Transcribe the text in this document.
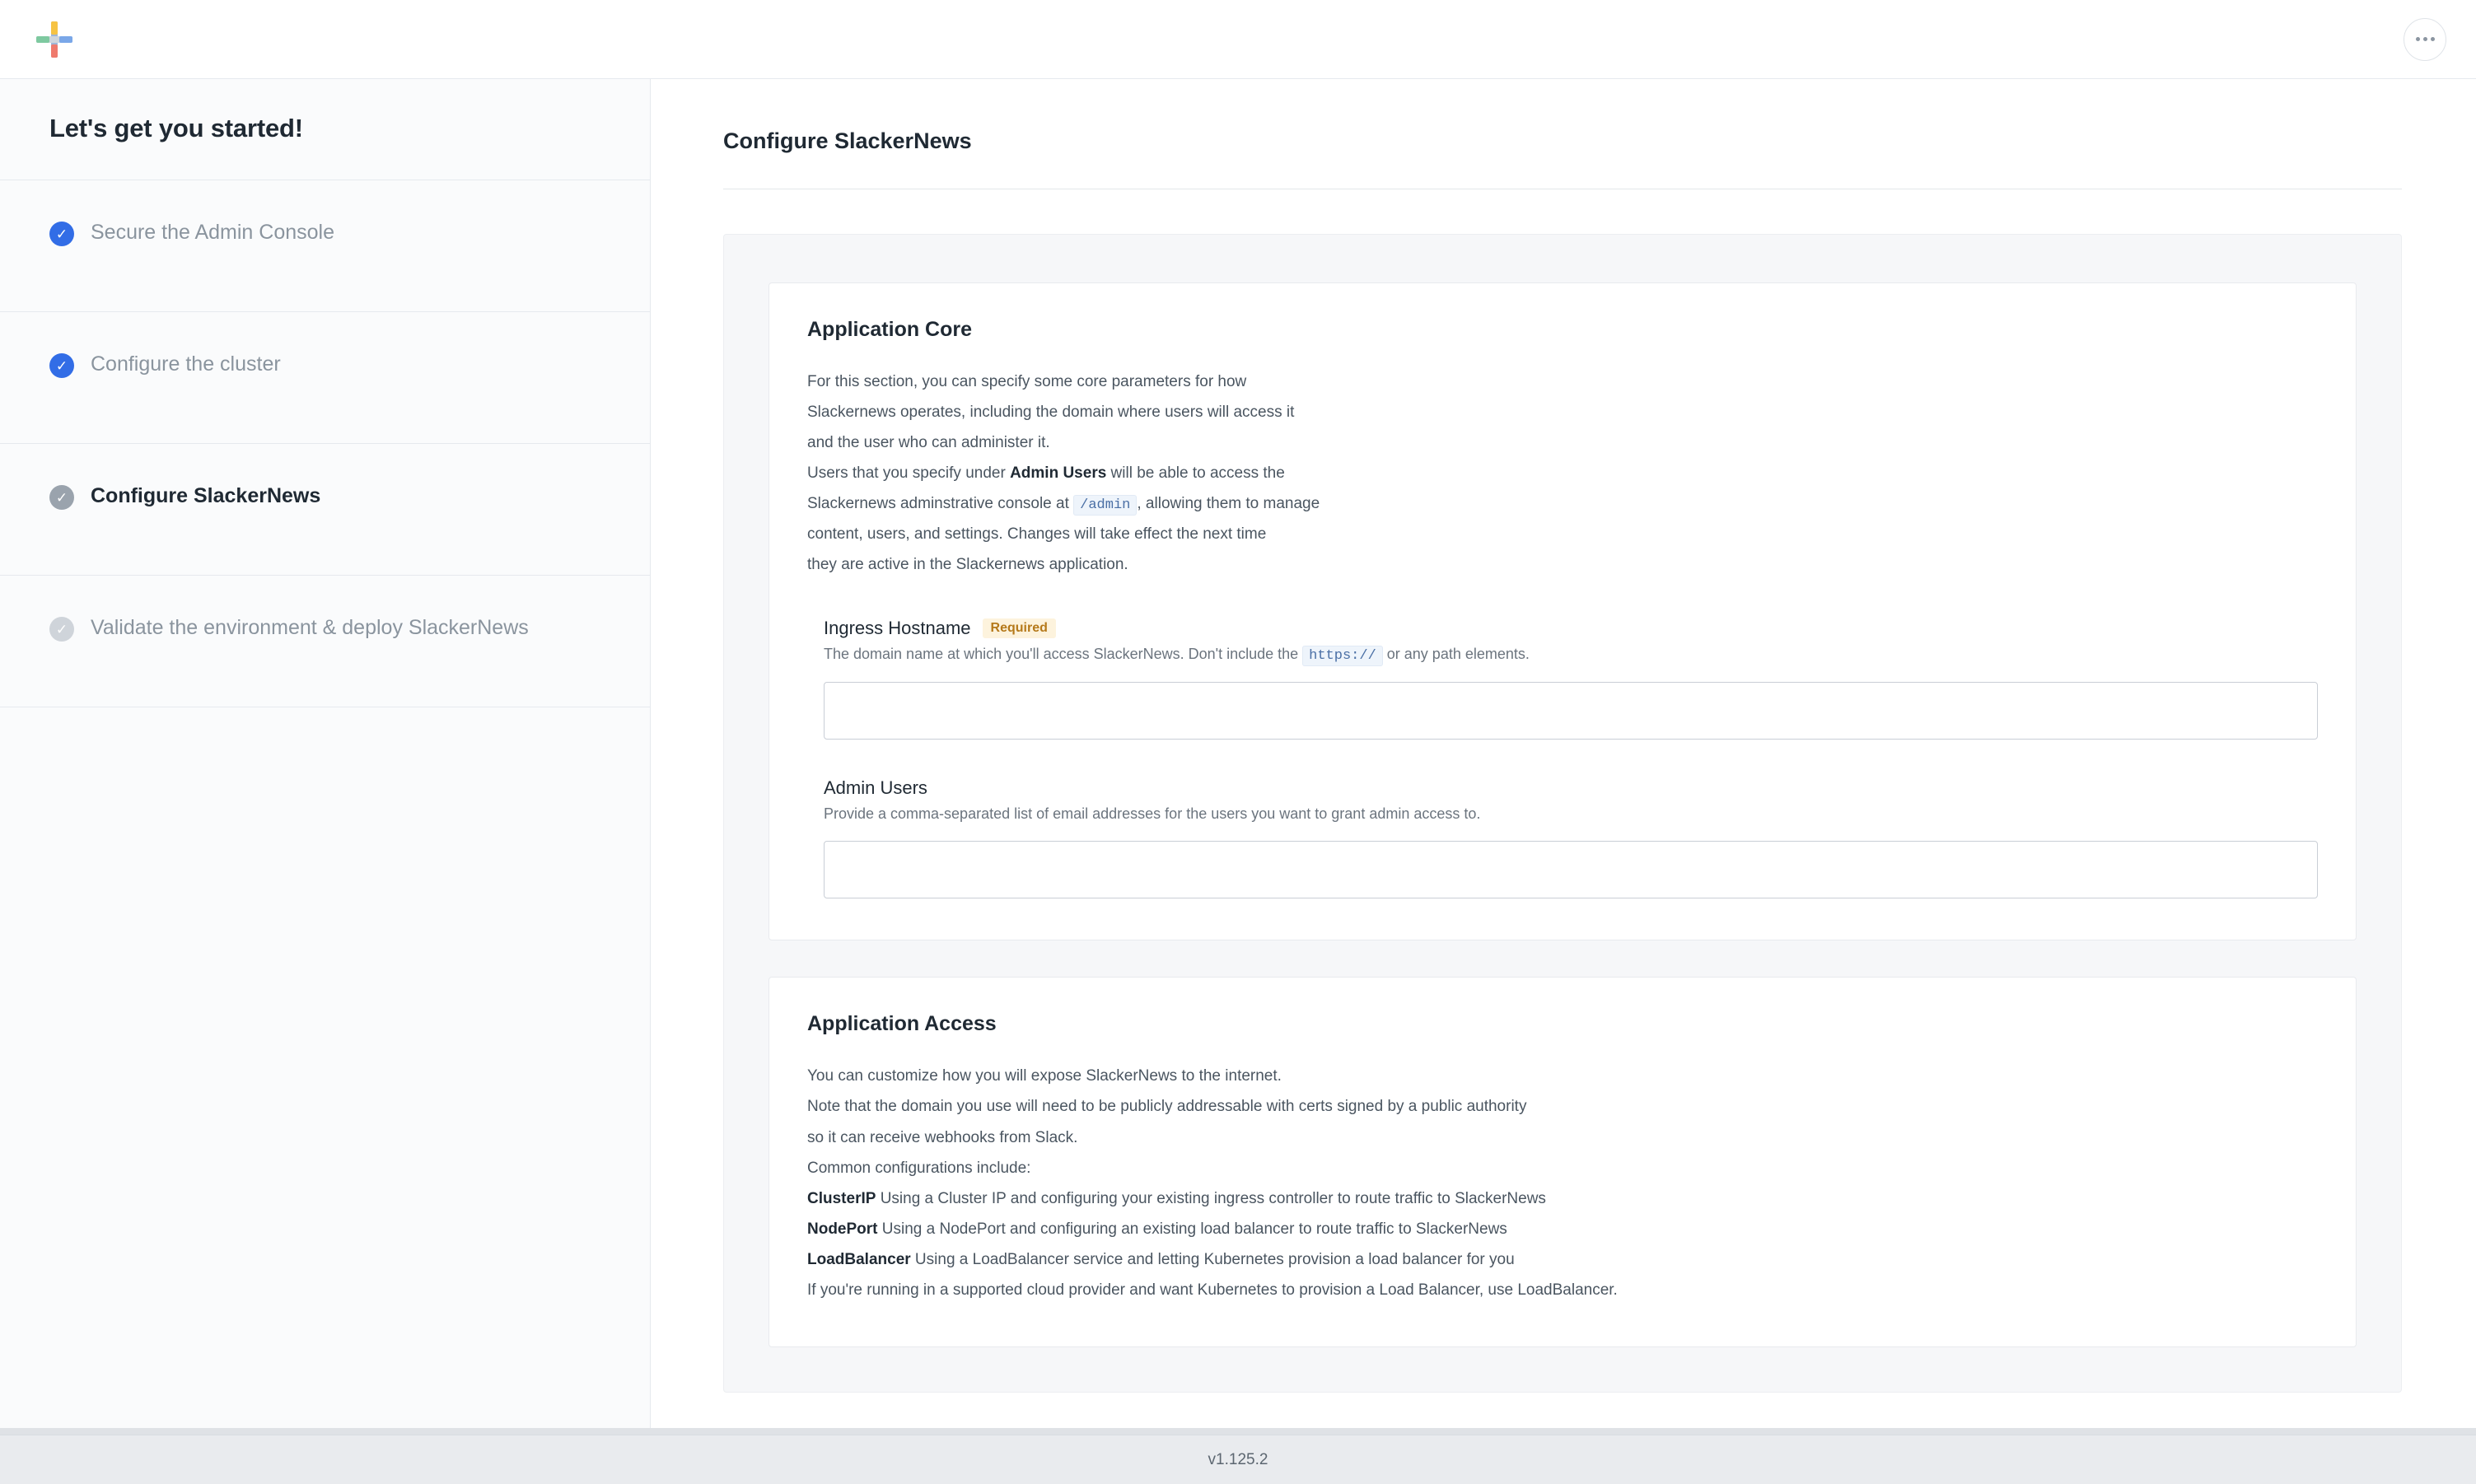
Let's get you started!
✓	Secure the Admin Console
✓	Configure the cluster
✓	Configure SlackerNews
✓	Validate the environment & deploy SlackerNews
Configure SlackerNews
Application Core

For this section, you can specify some core parameters for how
Slackernews operates, including the domain where users will access it
and the user who can administer it.
Users that you specify under Admin Users will be able to access the
Slackernews adminstrative console at /admin , allowing them to manage
content, users, and settings. Changes will take effect the next time
they are active in the Slackernews application.

Ingress Hostname	Required
The domain name at which you'll access SlackerNews. Don't include the https:// or any path elements.
Admin Users
Provide a comma-separated list of email addresses for the users you want to grant admin access to.
Application Access

You can customize how you will expose SlackerNews to the internet.
Note that the domain you use will need to be publicly addressable with certs signed by a public authority
so it can receive webhooks from Slack.
Common configurations include:
ClusterIP Using a Cluster IP and configuring your existing ingress controller to route traffic to SlackerNews
NodePort Using a NodePort and configuring an existing load balancer to route traffic to SlackerNews
LoadBalancer Using a LoadBalancer service and letting Kubernetes provision a load balancer for you
If you're running in a supported cloud provider and want Kubernetes to provision a Load Balancer, use LoadBalancer.

v1.125.2
